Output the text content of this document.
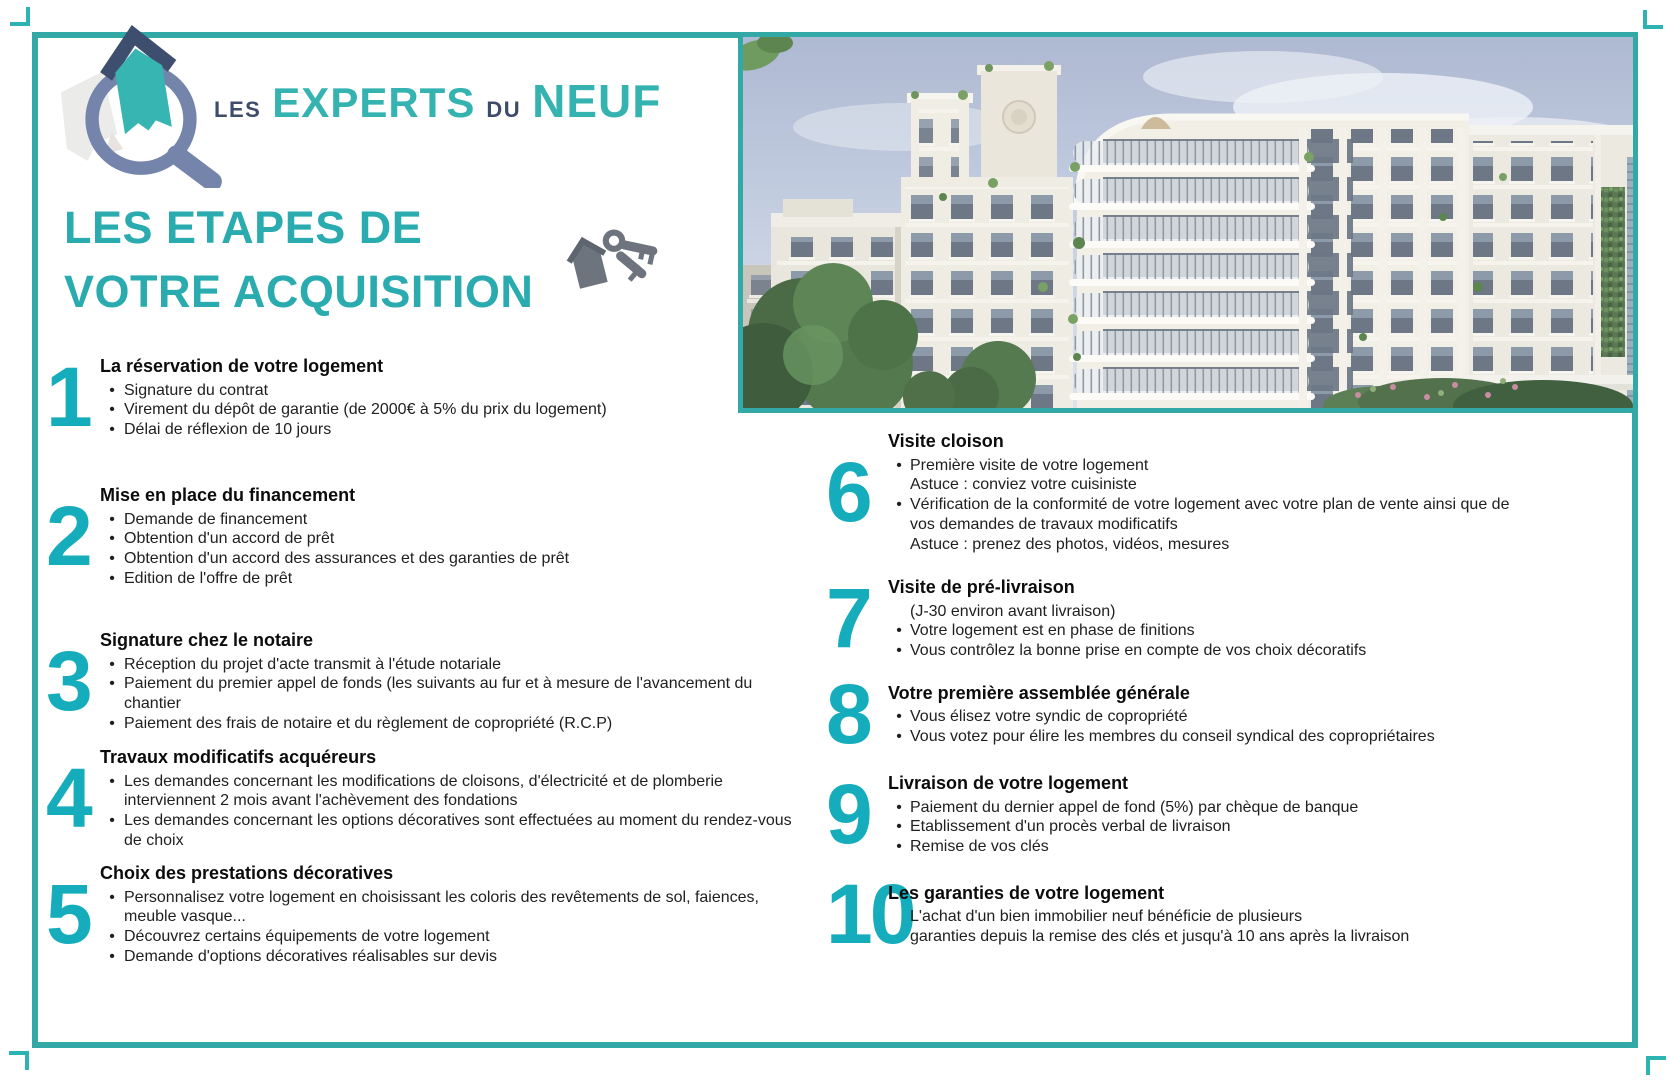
LES EXPERTS DU NEUF
LES ETAPES DE
VOTRE ACQUISITION
1 La réservation de votre logement
• Signature du contrat
• Virement du dépôt de garantie (de 2000€ à 5% du prix du logement)
• Délai de réflexion de 10 jours
2 Mise en place du financement
• Demande de financement
• Obtention d'un accord de prêt
• Obtention d'un accord des assurances et des garanties de prêt
• Edition de l'offre de prêt
3 Signature chez le notaire
• Réception du projet d'acte transmit à l'étude notariale
• Paiement du premier appel de fonds (les suivants au fur et à mesure de l'avancement du chantier
• Paiement des frais de notaire et du règlement de copropriété (R.C.P)
4 Travaux modificatifs acquéreurs
• Les demandes concernant les modifications de cloisons, d'électricité et de plomberie interviennent 2 mois avant l'achèvement des fondations
• Les demandes concernant les options décoratives sont effectuées au moment du rendez-vous de choix
5 Choix des prestations décoratives
• Personnalisez votre logement en choisissant les coloris des revêtements de sol, faiences, meuble vasque...
• Découvrez certains équipements de votre logement
• Demande d'options décoratives réalisables sur devis
6
Visite cloison
• Première visite de votre logement
Astuce : conviez votre cuisiniste
• Vérification de la conformité de votre logement avec votre plan de vente ainsi que de vos demandes de travaux modificatifs
Astuce : prenez des photos, vidéos, mesures
7	Visite de pré-livraison
(J-30 environ avant livraison)
• Votre logement est en phase de finitions
• Vous contrôlez la bonne prise en compte de vos choix décoratifs
8	Votre première assemblée générale
• Vous élisez votre syndic de copropriété
• Vous votez pour élire les membres du conseil syndical des copropriétaires
9	Livraison de votre logement
• Paiement du dernier appel de fond (5%) par chèque de banque
• Etablissement d'un procès verbal de livraison
• Remise de vos clés
10
Les garanties de votre logement
L'achat d'un bien immobilier neuf bénéficie de plusieurs
garanties depuis la remise des clés et jusqu'à 10 ans après la livraison
